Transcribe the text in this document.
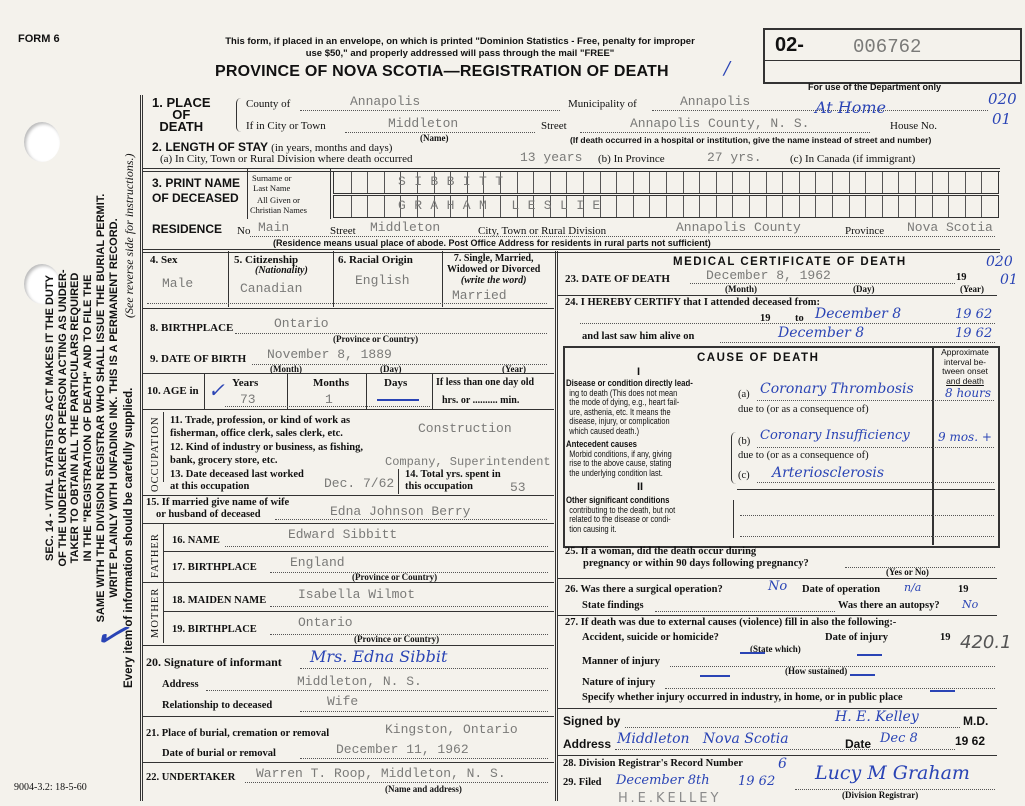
FORM 6
9004-3.2: 18-5-60
SEC. 14 - VITAL STATISTICS ACT MAKES IT THE DUTY OF THE UNDERTAKER OR PERSON ACTING AS UNDER- TAKER TO OBTAIN ALL THE PARTICULARS REQUIRED IN THE "REGISTRATION OF DEATH" AND TO FILE THE SAME WITH THE DIVISION REGISTRAR WHO SHALL ISSUE THE BURIAL PERMIT. WRITE PLAINLY WITH UNFADING INK. THIS IS A PERMANENT RECORD. Every item of information should be carefully supplied.
(See reverse side for instructions.)
✓
This form, if placed in an envelope, on which is printed "Dominion Statistics - Free, penalty for improper
use $50," and properly addressed will pass through the mail "FREE"
PROVINCE OF NOVA SCOTIA—REGISTRATION OF DEATH	/
02-	006762
For use of the Department only
020
01
1. PLACE
OF
DEATH
County of	Annapolis	Municipality of	Annapolis
If in City or Town	Middleton
(Name)
Street	Annapolis County, N. S.
At Home
House No.
(If death occurred in a hospital or institution, give the name instead of street and number)
2. LENGTH OF STAY (in years, months and days)
(a) In City, Town or Rural Division where death occurred	13 years (b) In Province	27 yrs.	(c) In Canada (if immigrant)
3. PRINT NAME
OF DECEASED
Surname or
Last Name
All Given or
Christian Names
SIBBITT
GRAHAM LESLIE
RESIDENCE No Main	Street Middleton	City, Town or Rural Division	Annapolis County	Province Nova Scotia
(Residence means usual place of abode. Post Office Address for residents in rural parts not sufficient)
4. Sex
Male
5. Citizenship
(Nationality)
Canadian
6. Racial Origin
English
7. Single, Married,
Widowed or Divorced
(write the word)
Married
8. BIRTHPLACE	Ontario
(Province or Country)
9. DATE OF BIRTH November 8, 1889
(Month)	(Day)	(Year)
10. AGE in ✓ Years
73
Months
1
Days	If less than one day old
hrs. or .......... min.
OCCUPATION 11. Trade, profession, or kind of work as
fisherman, office clerk, sales clerk, etc.	Construction
12. Kind of industry or business, as fishing,
bank, grocery store, etc.	Company, Superintendent
13. Date deceased last worked
at this occupation	Dec. 7/62
14. Total yrs. spent in
this occupation	53
15. If married give name of wife
or husband of deceased	Edna Johnson Berry
FATHER 16. NAME	Edward Sibbitt
17. BIRTHPLACE	England
(Province or Country)
MOTHER 18. MAIDEN NAME Isabella Wilmot
19. BIRTHPLACE	Ontario
(Province or Country)
20. Signature of informant Mrs. Edna Sibbit
Address	Middleton, N. S.
Relationship to deceased	Wife
21. Place of burial, cremation or removal	Kingston, Ontario
Date of burial or removal	December 11, 1962
22. UNDERTAKER Warren T. Roop, Middleton, N. S.
(Name and address)
MEDICAL CERTIFICATE OF DEATH	020
01
23. DATE OF DEATH	December 8, 1962	19
(Month)	(Day)	(Year)
24. I HEREBY CERTIFY that I attended deceased from:
19 to December 8	19 62
and last saw him alive on	December 8	19 62
CAUSE OF DEATH	Approximate
interval be-
tween onset
and death
I
Disease or condition directly lead-
ing to death (This does not mean
the mode of dying, e.g., heart fail-
ure, asthenia, etc. It means the
disease, injury, or complication
which caused death.)
(a) Coronary Thrombosis	8 hours
due to (or as a consequence of)
Antecedent causes
Morbid conditions, if any, giving
rise to the above cause, stating
the underlying condition last.
(b) Coronary Insufficiency 9 mos. +
due to (or as a consequence of)
(c) Arteriosclerosis
II
Other significant conditions
contributing to the death, but not
related to the disease or condi-
tion causing it.
25. If a woman, did the death occur during
pregnancy or within 90 days following pregnancy?
(Yes or No)
26. Was there a surgical operation?	No Date of operation n/a	19
State findings	Was there an autopsy? No
27. If death was due to external causes (violence) fill in also the following:-
Accident, suicide or homicide?	Date of injury	19 420.1
(State which)
Manner of injury
(How sustained)
Nature of injury
Specify whether injury occurred in industry, in home, or in public place
Signed by	H. E. Kelley	M.D.
Address Middleton   Nova Scotia	Date Dec 8	19 62
28. Division Registrar's Record Number	6
29. Filed December 8th 19 62 Lucy M Graham
(Division Registrar)
H.E.KELLEY
